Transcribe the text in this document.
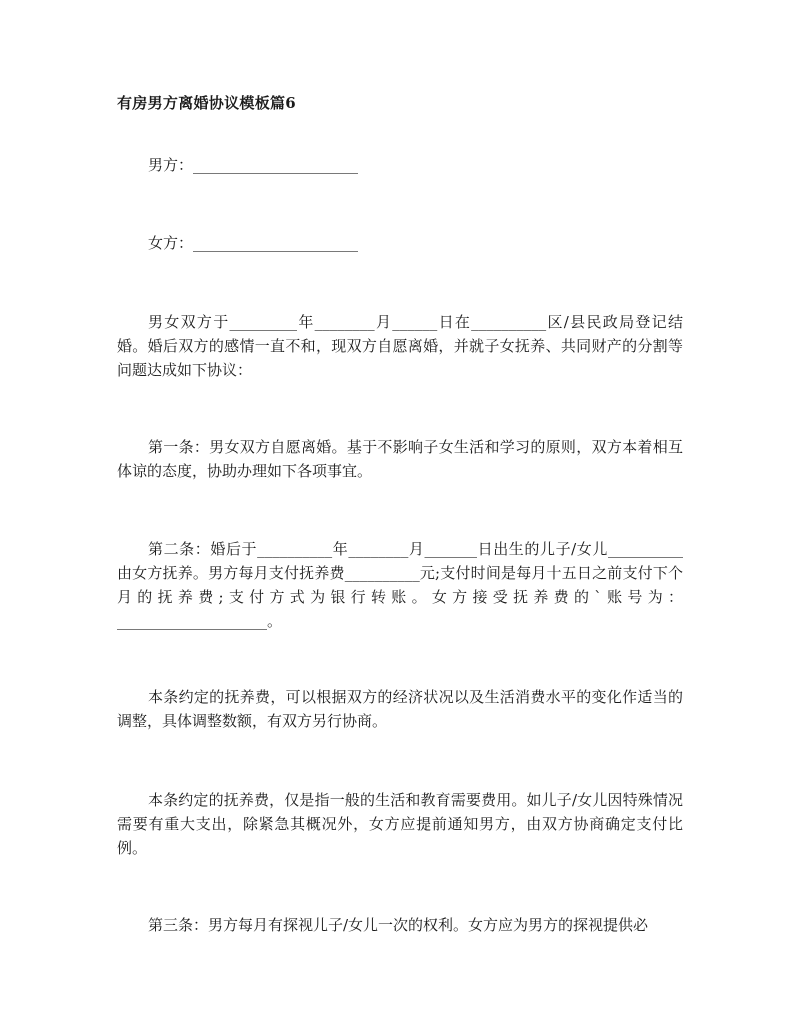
有房男方离婚协议模板篇6
男方：______________________
女方：______________________
男女双方于_________年________月______日在__________区/县民政局登记结婚。婚后双方的感情一直不和，现双方自愿离婚，并就子女抚养、共同财产的分割等问题达成如下协议：
第一条：男女双方自愿离婚。基于不影响子女生活和学习的原则，双方本着相互体谅的态度，协助办理如下各项事宜。
第二条：婚后于__________年________月_______日出生的儿子/女儿__________由女方抚养。男方每月支付抚养费__________元;支付时间是每月十五日之前支付下个月的抚养费;支付方式为银行转账。女方接受抚养费的`账号为：____________________。
本条约定的抚养费，可以根据双方的经济状况以及生活消费水平的变化作适当的调整，具体调整数额，有双方另行协商。
本条约定的抚养费，仅是指一般的生活和教育需要费用。如儿子/女儿因特殊情况需要有重大支出，除紧急其概况外，女方应提前通知男方，由双方协商确定支付比例。
第三条：男方每月有探视儿子/女儿一次的权利。女方应为男方的探视提供必
